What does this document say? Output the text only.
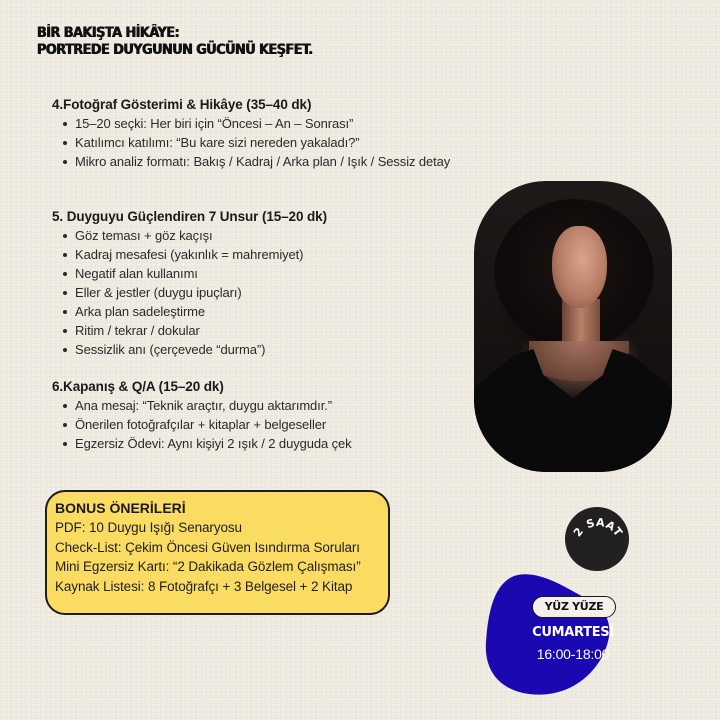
BİR BAKIŞTA HİKÂYE:
PORTREDE DUYGUNUN GÜCÜNÜ KEŞFET.
4.Fotoğraf Gösterimi & Hikâye (35–40 dk)
15–20 seçki: Her biri için “Öncesi – An – Sonrası”
Katılımcı katılımı: “Bu kare sizi nereden yakaladı?”
Mikro analiz formatı: Bakış / Kadraj / Arka plan / Işık / Sessiz detay
5. Duyguyu Güçlendiren 7 Unsur (15–20 dk)
Göz teması + göz kaçışı
Kadraj mesafesi (yakınlık = mahremiyet)
Negatif alan kullanımı
Eller & jestler (duygu ipuçları)
Arka plan sadeleştirme
Ritim / tekrar / dokular
Sessizlik anı (çerçevede “durma”)
6.Kapanış & Q/A (15–20 dk)
Ana mesaj: “Teknik araçtır, duygu aktarımdır.”
Önerilen fotoğrafçılar + kitaplar + belgeseller
Egzersiz Ödevi: Aynı kişiyi 2 ışık / 2 duyguda çek
BONUS ÖNERİLERİ

PDF: 10 Duygu Işığı Senaryosu

Check-List: Çekim Öncesi Güven Isındırma Soruları

Mini Egzersiz Kartı: “2 Dakikada Gözlem Çalışması”

Kaynak Listesi: 8 Fotoğrafçı + 3 Belgesel + 2 Kitap

2 SAAT
YÜZ YÜZE
CUMARTESİ
16:00-18:00
